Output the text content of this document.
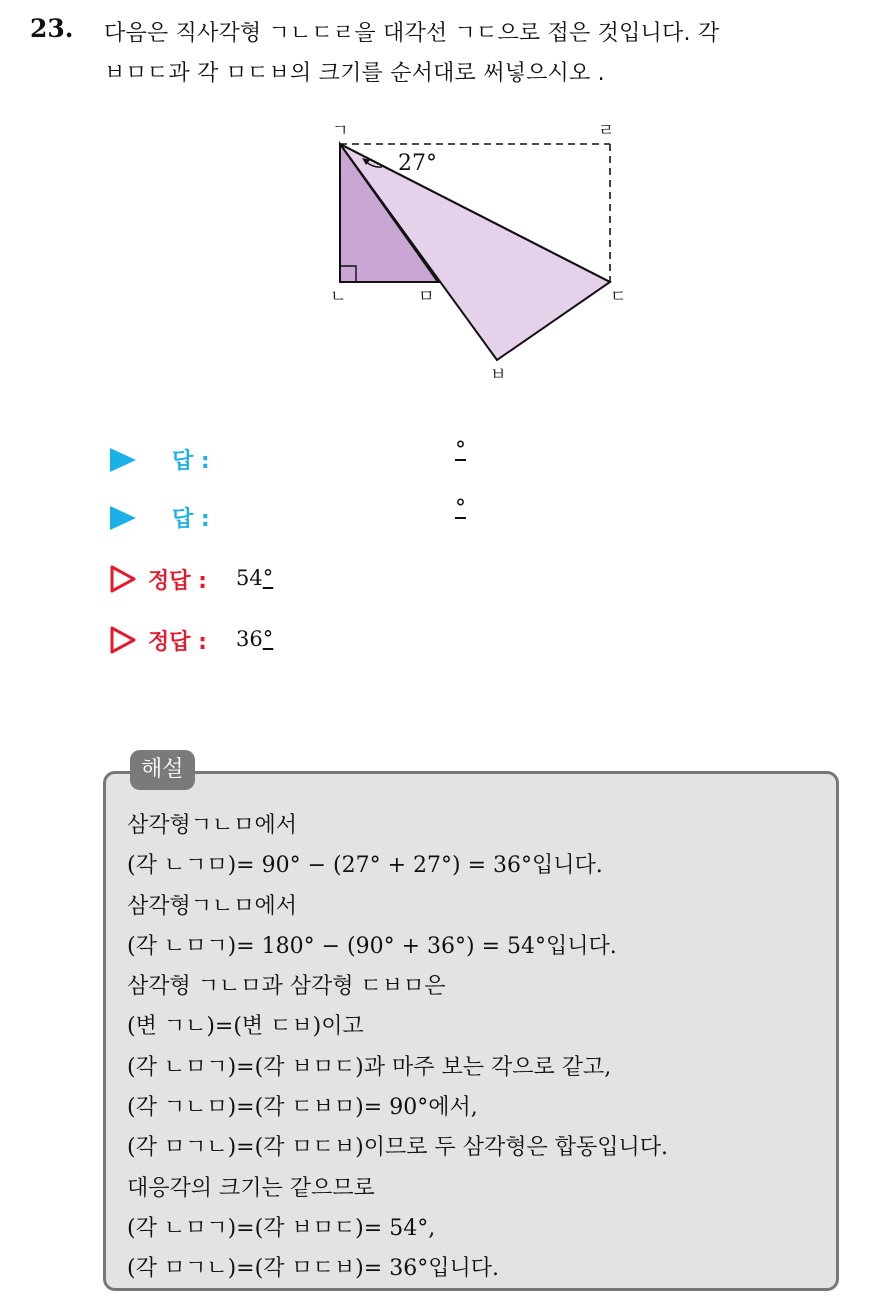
23. 다음은 직사각형 ㄱㄴㄷㄹ을 대각선 ㄱㄷ으로 접은 것입니다. 각
ㅂㅁㄷ과 각 ㅁㄷㅂ의 크기를 순서대로 써넣으시오 .
27°
ㄱ	ㄹ
ㄴ	ㅁ	ㄷ
ㅂ
답 :	°
답 :	°
정답 : 54°
정답 : 36°
해설
삼각형ㄱㄴㅁ에서
(각 ㄴㄱㅁ)= 90° − (27° + 27°) = 36°입니다.
삼각형ㄱㄴㅁ에서
(각 ㄴㅁㄱ)= 180° − (90° + 36°) = 54°입니다.
삼각형 ㄱㄴㅁ과 삼각형 ㄷㅂㅁ은
(변 ㄱㄴ)=(변 ㄷㅂ)이고
(각 ㄴㅁㄱ)=(각 ㅂㅁㄷ)과 마주 보는 각으로 같고,
(각 ㄱㄴㅁ)=(각 ㄷㅂㅁ)= 90°에서,
(각 ㅁㄱㄴ)=(각 ㅁㄷㅂ)이므로 두 삼각형은 합동입니다.
대응각의 크기는 같으므로
(각 ㄴㅁㄱ)=(각 ㅂㅁㄷ)= 54°,
(각 ㅁㄱㄴ)=(각 ㅁㄷㅂ)= 36°입니다.
